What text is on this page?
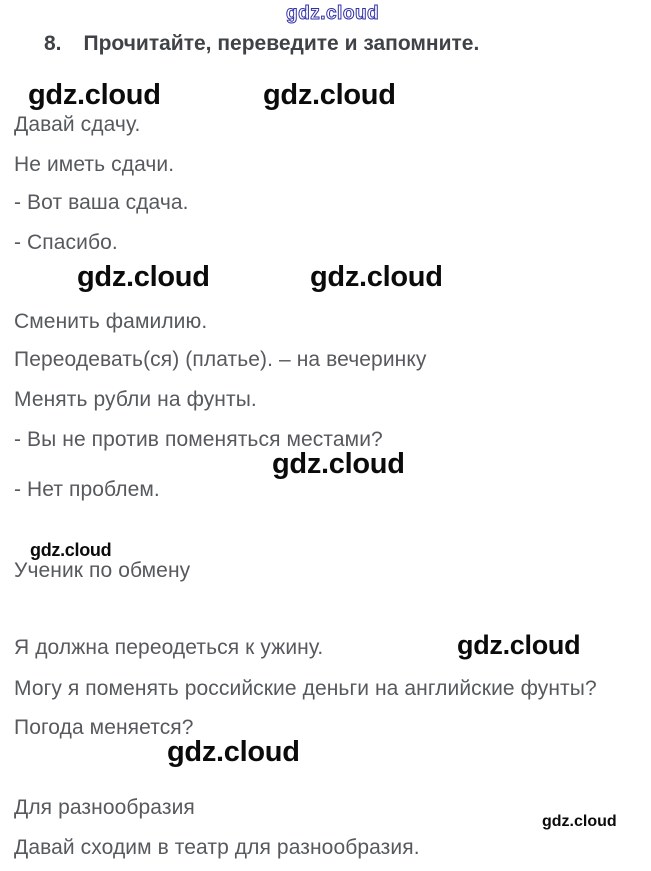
gdz.cloud
8. Прочитайте, переведите и запомните.
gdz.cloud	gdz.cloud
Давай сдачу.
Не иметь сдачи.
- Вот ваша сдача.
- Спасибо.
gdz.cloud	gdz.cloud
Сменить фамилию.
Переодевать(ся) (платье). – на вечеринку
Менять рубли на фунты.
- Вы не против поменяться местами?
gdz.cloud
- Нет проблем.
gdz.cloud
Ученик по обмену
Я должна переодеться к ужину.	gdz.cloud
Могу я поменять российские деньги на английские фунты?
Погода меняется?
gdz.cloud
Для разнообразия
gdz.cloud
Давай сходим в театр для разнообразия.
